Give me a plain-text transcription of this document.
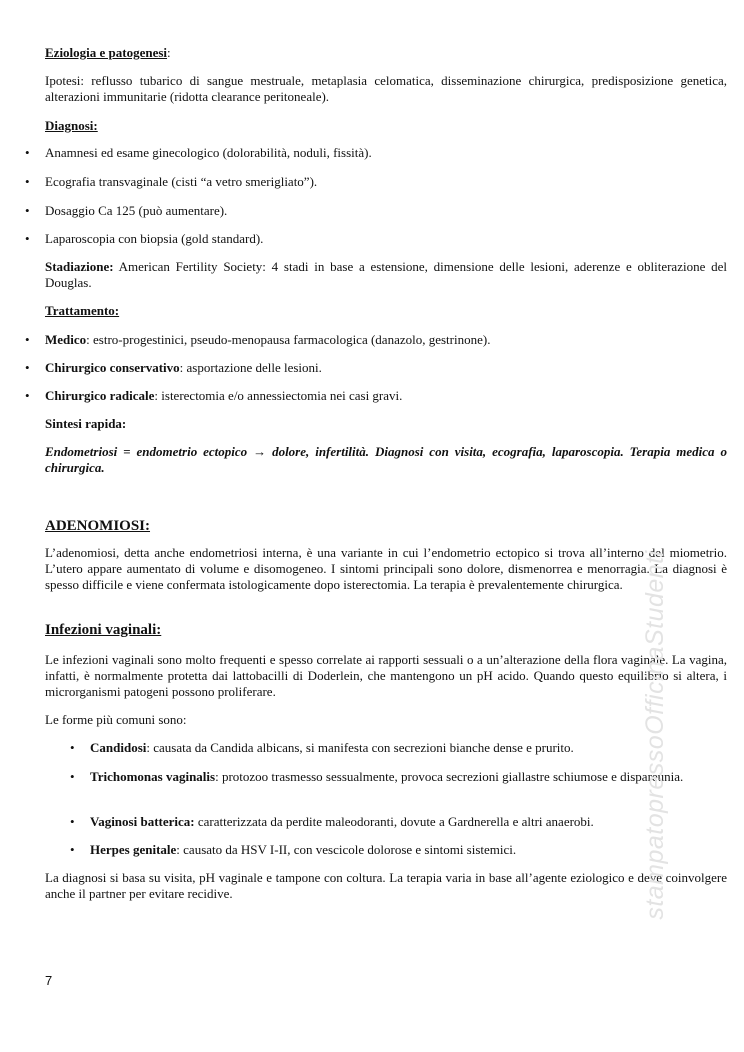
Eziologia e patogenesi:
Ipotesi: reflusso tubarico di sangue mestruale, metaplasia celomatica, disseminazione chirurgica, predisposizione genetica, alterazioni immunitarie (ridotta clearance peritoneale).
Diagnosi:
• Anamnesi ed esame ginecologico (dolorabilità, noduli, fissità).
• Ecografia transvaginale (cisti “a vetro smerigliato”).
• Dosaggio Ca 125 (può aumentare).
• Laparoscopia con biopsia (gold standard).
Stadiazione: American Fertility Society: 4 stadi in base a estensione, dimensione delle lesioni, aderenze e obliterazione del Douglas.
Trattamento:
• Medico: estro-progestinici, pseudo-menopausa farmacologica (danazolo, gestrinone).
• Chirurgico conservativo: asportazione delle lesioni.
• Chirurgico radicale: isterectomia e/o annessiectomia nei casi gravi.
Sintesi rapida:
Endometriosi = endometrio ectopico → dolore, infertilità. Diagnosi con visita, ecografia, laparoscopia. Terapia medica o chirurgica.
ADENOMIOSI:
L’adenomiosi, detta anche endometriosi interna, è una variante in cui l’endometrio ectopico si trova all’interno del miometrio. L’utero appare aumentato di volume e disomogeneo. I sintomi principali sono dolore, dismenorrea e menorragia. La diagnosi è spesso difficile e viene confermata istologicamente dopo isterectomia. La terapia è prevalentemente chirurgica.
Infezioni vaginali:
Le infezioni vaginali sono molto frequenti e spesso correlate ai rapporti sessuali o a un’alterazione della flora vaginale. La vagina, infatti, è normalmente protetta dai lattobacilli di Doderlein, che mantengono un pH acido. Quando questo equilibrio si altera, i microrganismi patogeni possono proliferare.
Le forme più comuni sono:
• Candidosi: causata da Candida albicans, si manifesta con secrezioni bianche dense e prurito.
• Trichomonas vaginalis: protozoo trasmesso sessualmente, provoca secrezioni giallastre schiumose e dispareunia.
• Vaginosi batterica: caratterizzata da perdite maleodoranti, dovute a Gardnerella e altri anaerobi.
• Herpes genitale: causato da HSV I-II, con vescicole dolorose e sintomi sistemici.
La diagnosi si basa su visita, pH vaginale e tampone con coltura. La terapia varia in base all’agente eziologico e deve coinvolgere anche il partner per evitare recidive.	stampatopressoOfficinaStudenti
7
